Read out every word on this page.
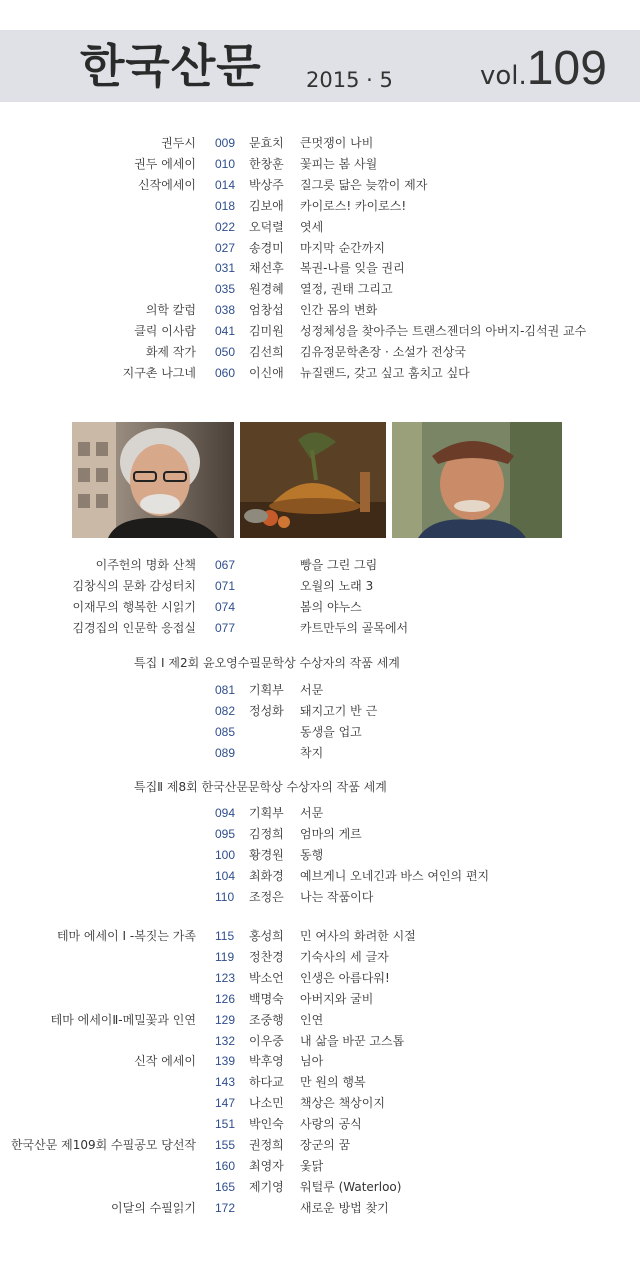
한국산문 2015 · 5	vol.109
권두시 009 문효치 큰멋쟁이 나비
권두 에세이 010 한창훈 꽃피는 봄 사월
신작에세이 014 박상주 질그릇 닮은 늦깎이 제자
018 김보애 카이로스! 카이로스!
022 오덕렬 엿세
027 송경미 마지막 순간까지
031 채선후 복권-나를 잊을 권리
035 원경혜 열정, 권태 그리고
의학 칼럼 038 엄창섭 인간 몸의 변화
클릭 이사람 041 김미원 성정체성을 찾아주는 트랜스젠더의 아버지-김석권 교수
화제 작가 050 김선희 김유정문학촌장 · 소설가 전상국
지구촌 나그네 060 이신애 뉴질랜드, 갖고 싶고 훔치고 싶다
이주헌의 명화 산책 067	빵을 그린 그림
김창식의 문화 감성터치 071	오월의 노래 3
이재무의 행복한 시읽기 074	봄의 야누스
김경집의 인문학 응접실 077	카트만두의 골목에서
특집 I 제2회 윤오영수필문학상 수상자의 작품 세계
081 기획부 서문
082 정성화 돼지고기 반 근
085	동생을 업고
089	착지
특집Ⅱ 제8회 한국산문문학상 수상자의 작품 세계
094 기획부 서문
095 김정희 엄마의 게르
100 황경원 동행
104 최화경 예브게니 오네긴과 바스 여인의 편지
110 조정은 나는 작품이다
테마 에세이 I -복짓는 가족 115 홍성희 민 여사의 화려한 시절
119 정찬경 기숙사의 세 글자
123 박소언 인생은 아름다워!
126 백명숙 아버지와 굴비
테마 에세이Ⅱ-메밀꽃과 인연 129 조중행 인연
132 이우중 내 삶을 바꾼 고스톱
신작 에세이 139 박후영 님아
143 하다교 만 원의 행복
147 나소민 책상은 책상이지
151 박인숙 사랑의 공식
한국산문 제109회 수필공모 당선작 155 권정희 장군의 꿈
160 최영자 옻닭
165 제기영 워털루 (Waterloo)
이달의 수필읽기 172	새로운 방법 찾기
